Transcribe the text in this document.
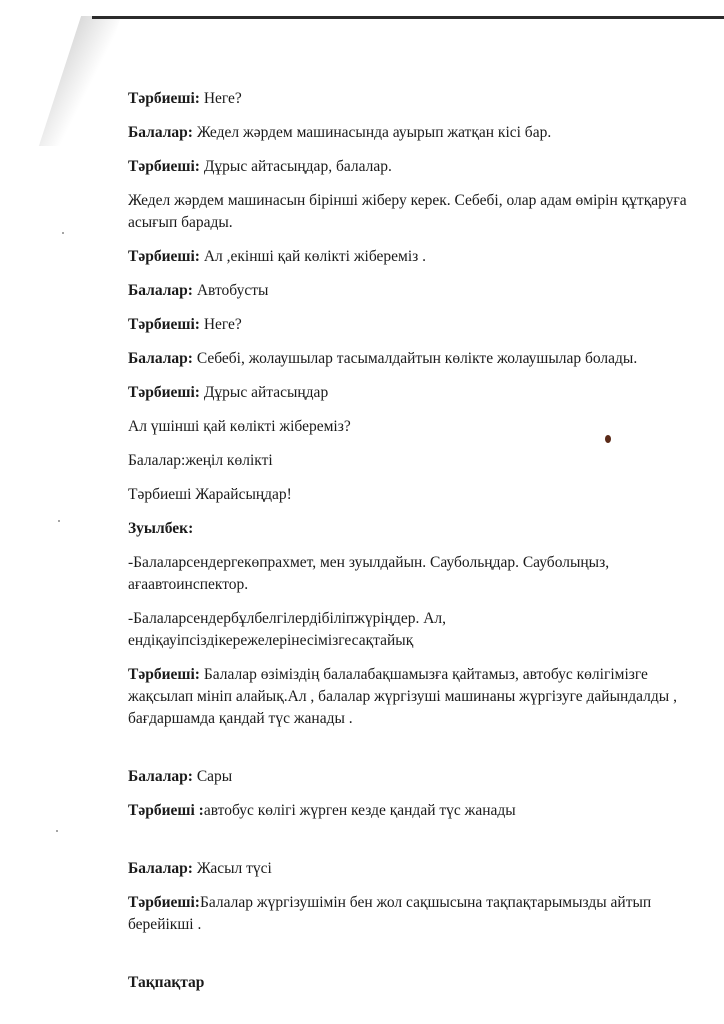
Тәрбиеші: Неге?

Балалар: Жедел жәрдем машинасында ауырып жатқан кісі бар.

Тәрбиеші: Дұрыс айтасыңдар, балалар.

Жедел жәрдем машинасын бірінші жіберу керек. Себебі, олар адам өмірін құтқаруға асығып барады.

Тәрбиеші: Ал ,екінші қай көлікті жібереміз .

Балалар: Автобусты

Тәрбиеші: Неге?

Балалар: Себебі, жолаушылар тасымалдайтын көлікте жолаушылар болады.

Тәрбиеші: Дұрыс айтасыңдар

Ал үшінші қай көлікті жібереміз?

Балалар:жеңіл көлікті

Тәрбиеші Жарайсыңдар!

Зуылбек:

-Балаларсендергекөпрахмет, мен зуылдайын. Саубольңдар. Сауболыңыз, ағаавтоинспектор.

-Балаларсендербұлбелгілердібіліпжүріңдер. Ал, ендіқауіпсіздікережелерінесімізгесақтайық

Тәрбиеші: Балалар өзіміздің балалабақшамызға қайтамыз, автобус көлігімізге жақсылап мініп алайық.Ал , балалар жүргізуші машинаны жүргізуге дайындалды , бағдаршамда қандай түс жанады .

Балалар: Сары

Тәрбиеші :автобус көлігі жүрген кезде қандай түс жанады

Балалар: Жасыл түсі

Тәрбиеші:Балалар жүргізушімін бен жол сақшысына тақпақтарымызды айтып берейікші .

Тақпақтар
